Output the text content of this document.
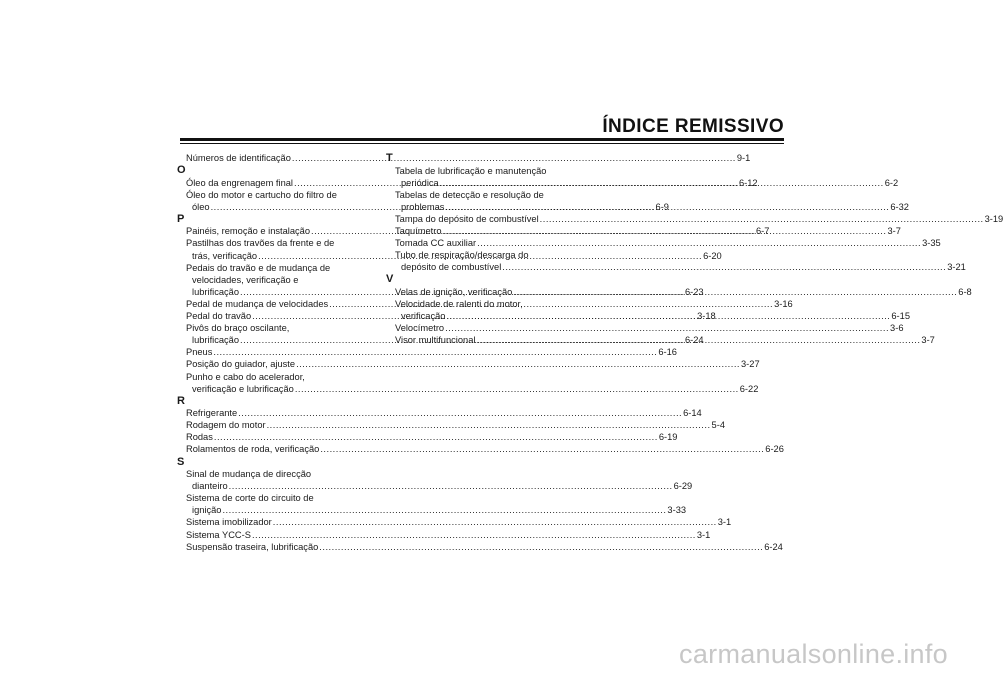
ÍNDICE REMISSIVO
Números de identificação .....	9-1
O
Óleo da engrenagem final .....	6-12
Óleo do motor e cartucho do filtro de
óleo .....	6-9
P
Painéis, remoção e instalação .....	6-7
Pastilhas dos travões da frente e de
trás, verificação .....	6-20
Pedais do travão e de mudança de
velocidades, verificação e
lubrificação .....	6-23
Pedal de mudança de velocidades .....	3-16
Pedal do travão .....	3-18
Pivôs do braço oscilante,
lubrificação .....	6-24
Pneus .....	6-16
Posição do guiador, ajuste .....	3-27
Punho e cabo do acelerador,
verificação e lubrificação .....	6-22
R
Refrigerante .....	6-14
Rodagem do motor .....	5-4
Rodas .....	6-19
Rolamentos de roda, verificação .....	6-26
S
Sinal de mudança de direcção
dianteiro .....	6-29
Sistema de corte do circuito de
ignição .....	3-33
Sistema imobilizador .....	3-1
Sistema YCC-S .....	3-1
Suspensão traseira, lubrificação .....	6-24
T
Tabela de lubrificação e manutenção
periódica .....	6-2
Tabelas de detecção e resolução de
problemas .....	6-32
Tampa do depósito de combustível .....	3-19
Taquímetro .....	3-7
Tomada CC auxiliar .....	3-35
Tubo de respiração/descarga do
depósito de combustível .....	3-21
V
Velas de ignição, verificação .....	6-8
Velocidade de ralenti do motor,
verificação .....	6-15
Velocímetro .....	3-6
Visor multifuncional .....	3-7
carmanualsonline.info
